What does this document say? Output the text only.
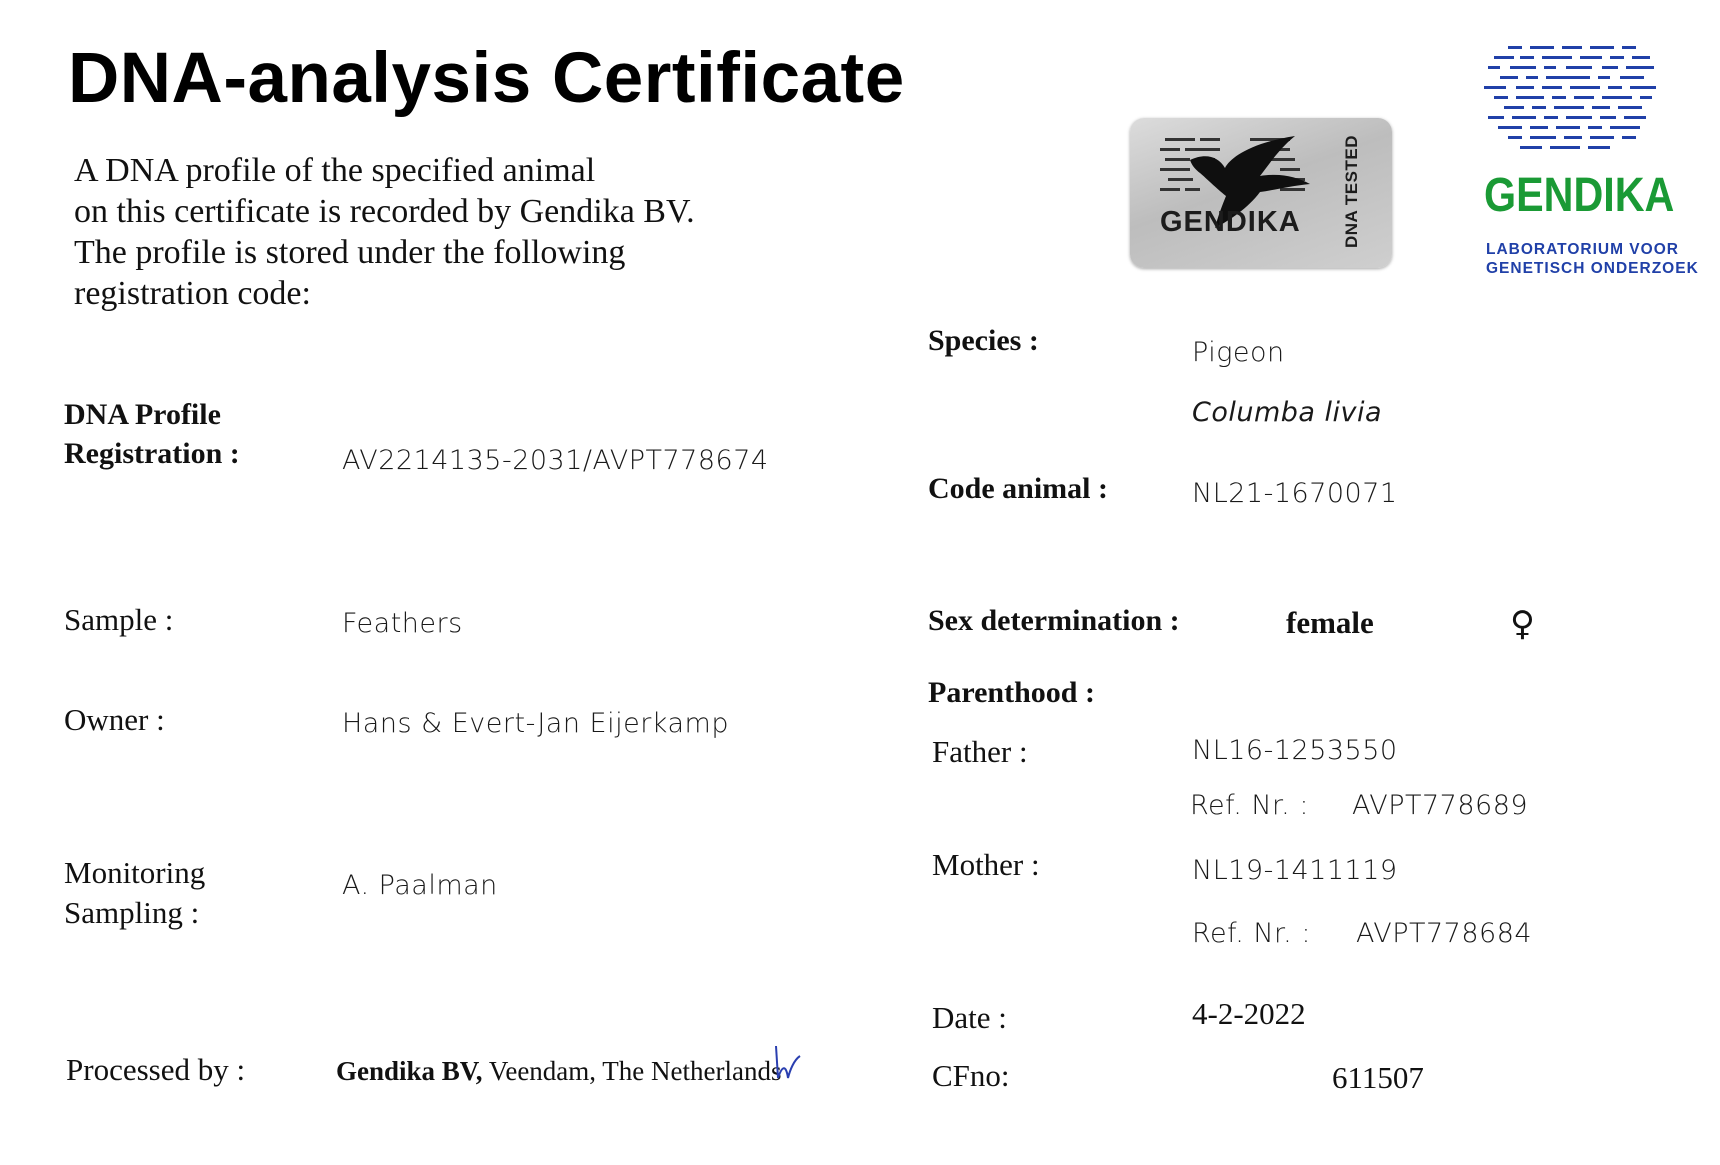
DNA-analysis Certificate
A DNA profile of the specified animal
on this certificate is recorded by Gendika BV.
The profile is stored under the following
registration code:
GENDIKA DNA TESTED	GENDIKA
LABORATORIUM VOOR
GENETISCH ONDERZOEK
DNA Profile
Registration :	AV2214135-2031/AVPT778674
Sample :	Feathers
Owner :	Hans & Evert-Jan Eijerkamp
Monitoring
Sampling :
A. Paalman
Processed by :	Gendika BV, Veendam, The Netherlands
Species :	Pigeon
Columba livia
Code animal :	NL21-1670071
Sex determination :	female	♀
Parenthood :
Father :	NL16-1253550
Ref. Nr. : AVPT778689
Mother :	NL19-1411119
Ref. Nr. : AVPT778684
Date :	4-2-2022
CFno:	611507
